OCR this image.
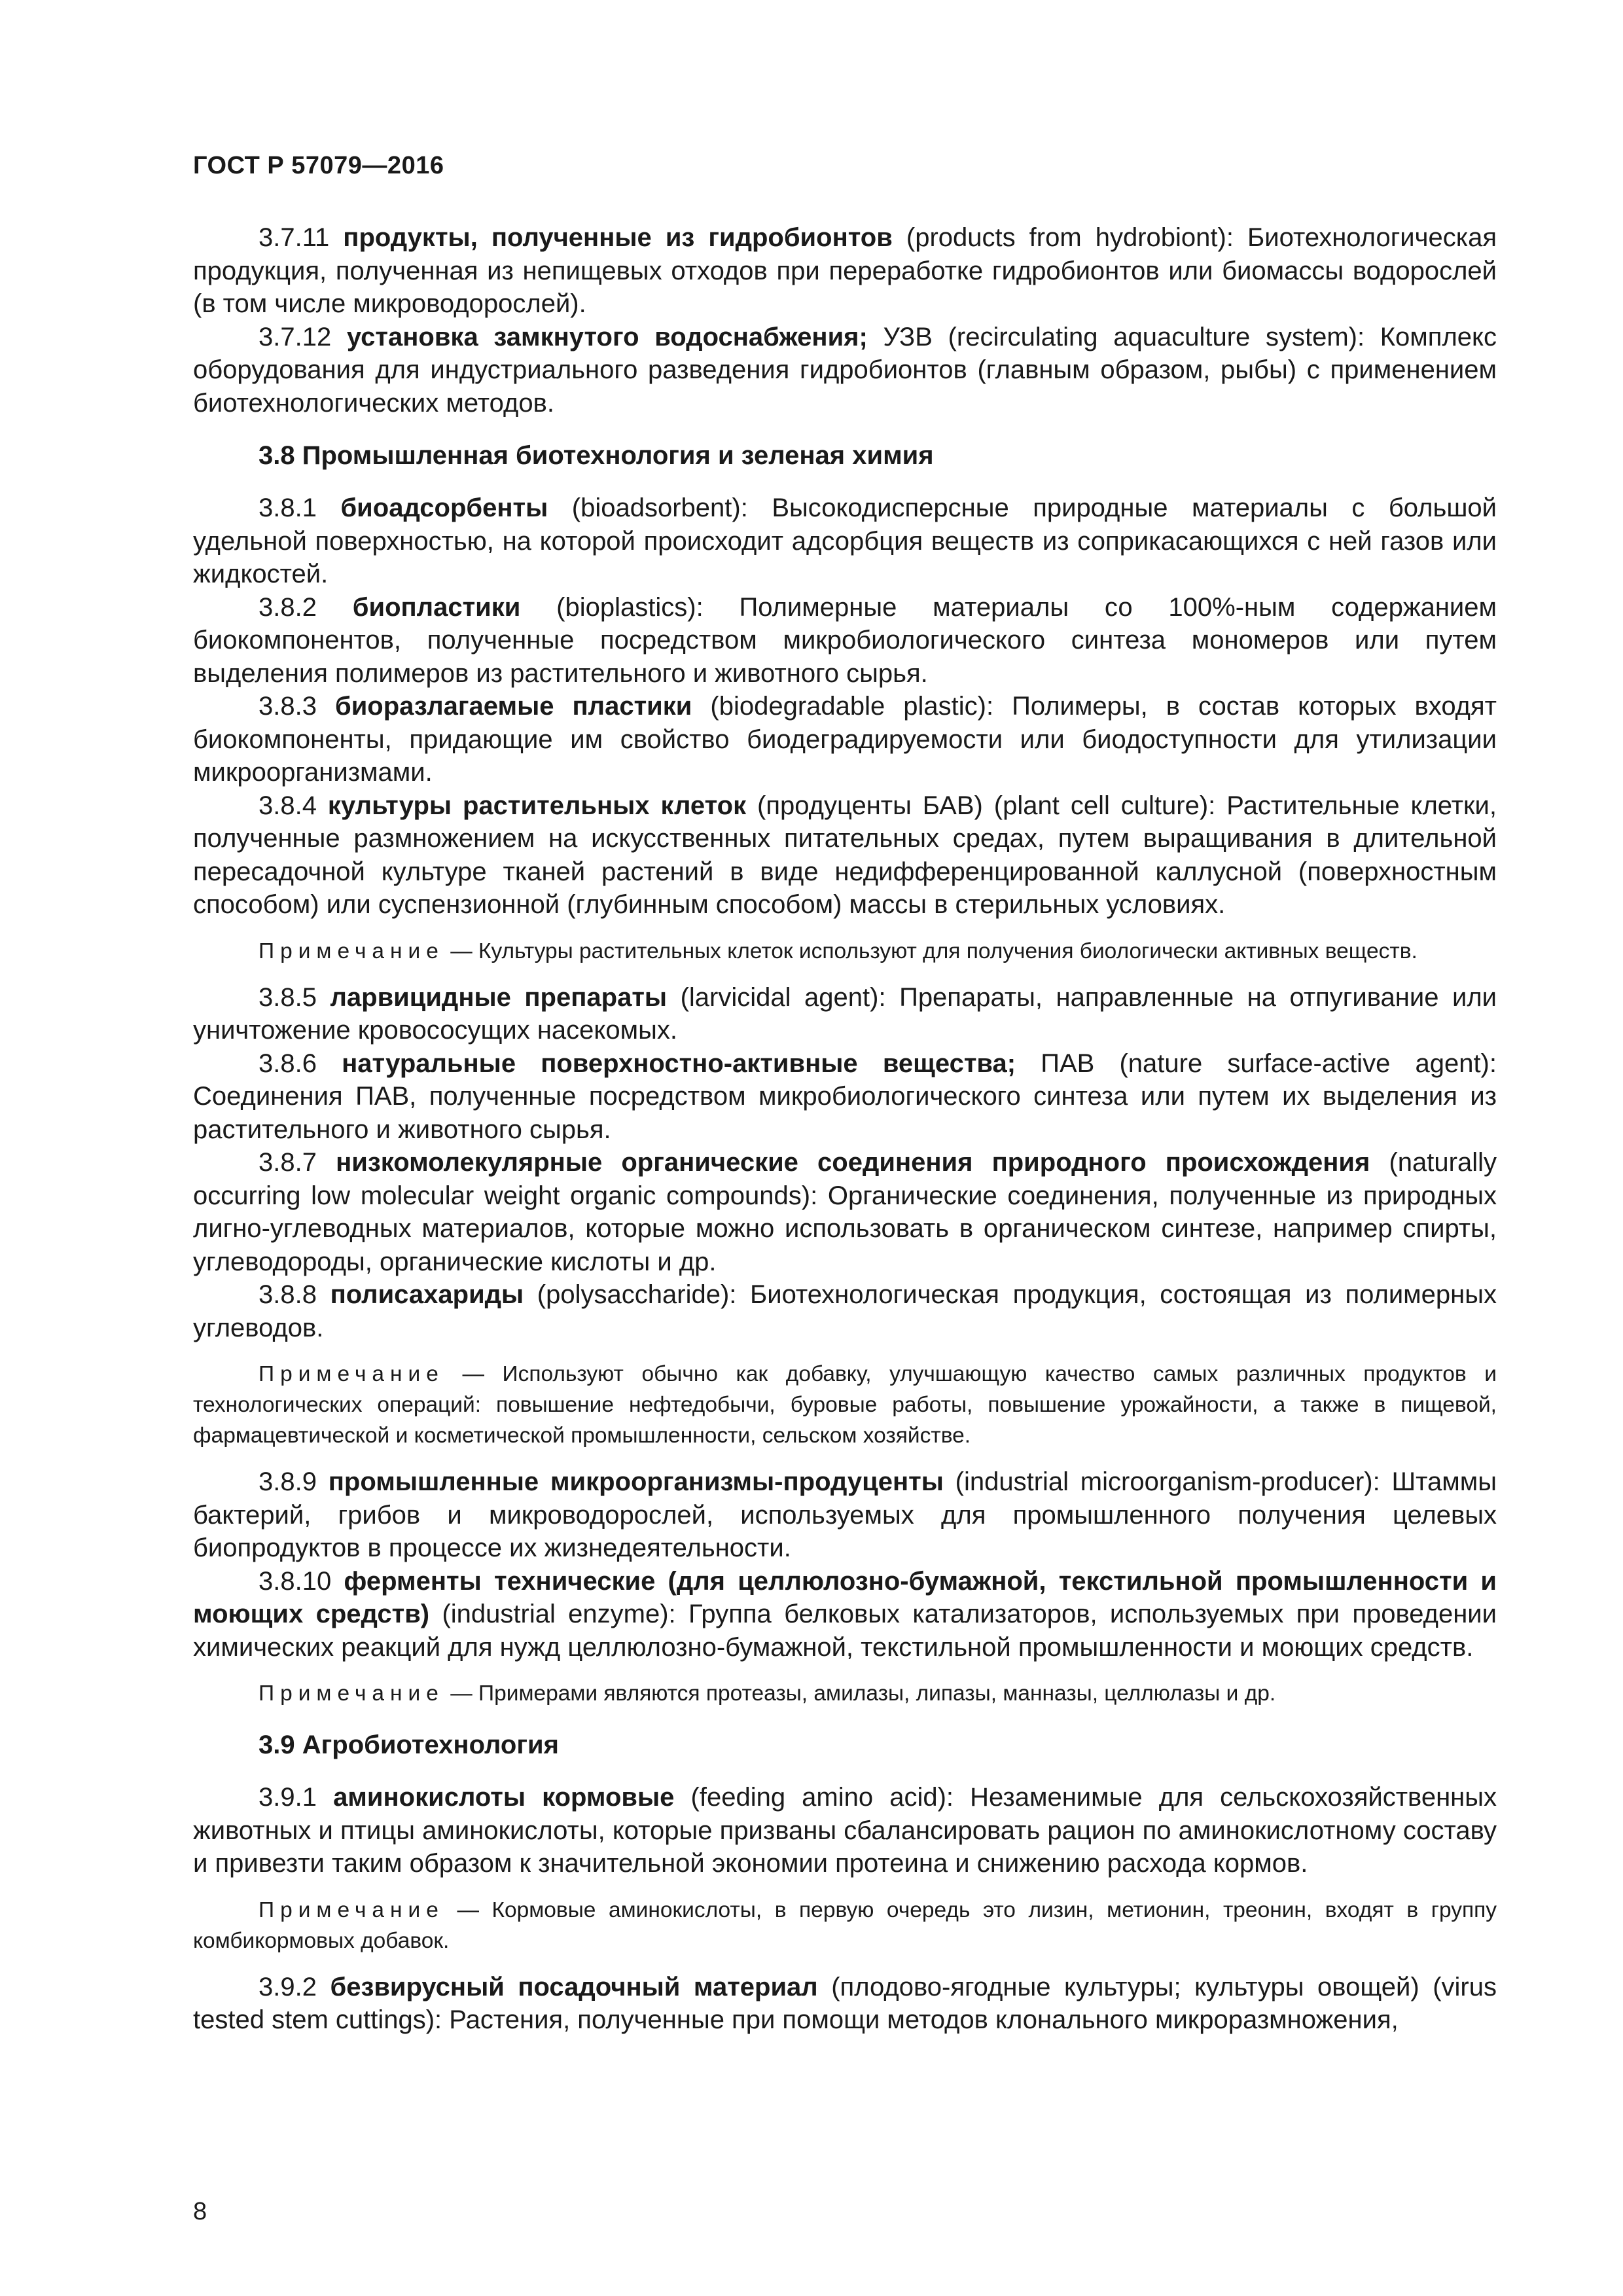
ГОСТ Р 57079—2016

3.7.11 продукты, полученные из гидробионтов (products from hydrobiont): Биотехнологическая продукция, полученная из непищевых отходов при переработке гидробионтов или биомассы водорослей (в том числе микроводорослей).

3.7.12 установка замкнутого водоснабжения; УЗВ (recirculating aquaculture system): Комплекс оборудования для индустриального разведения гидробионтов (главным образом, рыбы) с применением биотехнологических методов.

3.8 Промышленная биотехнология и зеленая химия

3.8.1 биоадсорбенты (bioadsorbent): Высокодисперсные природные материалы с большой удельной поверхностью, на которой происходит адсорбция веществ из соприкасающихся с ней газов или жидкостей.

3.8.2 биопластики (bioplastics): Полимерные материалы со 100%-ным содержанием биокомпонентов, полученные посредством микробиологического синтеза мономеров или путем выделения полимеров из растительного и животного сырья.

3.8.3 биоразлагаемые пластики (biodegradable plastic): Полимеры, в состав которых входят биокомпоненты, придающие им свойство биодеградируемости или биодоступности для утилизации микроорганизмами.

3.8.4 культуры растительных клеток (продуценты БАВ) (plant cell culture): Растительные клетки, полученные размножением на искусственных питательных средах, путем выращивания в длительной пересадочной культуре тканей растений в виде недифференцированной каллусной (поверхностным способом) или суспензионной (глубинным способом) массы в стерильных условиях.

Примечание — Культуры растительных клеток используют для получения биологически активных веществ.

3.8.5 ларвицидные препараты (larvicidal agent): Препараты, направленные на отпугивание или уничтожение кровососущих насекомых.

3.8.6 натуральные поверхностно-активные вещества; ПАВ (nature surface-active agent): Соединения ПАВ, полученные посредством микробиологического синтеза или путем их выделения из растительного и животного сырья.

3.8.7 низкомолекулярные органические соединения природного происхождения (naturally occurring low molecular weight organic compounds): Органические соединения, полученные из природных лигно-углеводных материалов, которые можно использовать в органическом синтезе, например спирты, углеводороды, органические кислоты и др.

3.8.8 полисахариды (polysaccharide): Биотехнологическая продукция, состоящая из полимерных углеводов.

Примечание — Используют обычно как добавку, улучшающую качество самых различных продуктов и технологических операций: повышение нефтедобычи, буровые работы, повышение урожайности, а также в пищевой, фармацевтической и косметической промышленности, сельском хозяйстве.

3.8.9 промышленные микроорганизмы-продуценты (industrial microorganism-producer): Штаммы бактерий, грибов и микроводорослей, используемых для промышленного получения целевых биопродуктов в процессе их жизнедеятельности.

3.8.10 ферменты технические (для целлюлозно-бумажной, текстильной промышленности и моющих средств) (industrial enzyme): Группа белковых катализаторов, используемых при проведении химических реакций для нужд целлюлозно-бумажной, текстильной промышленности и моющих средств.

Примечание — Примерами являются протеазы, амилазы, липазы, манназы, целлюлазы и др.

3.9 Агробиотехнология

3.9.1 аминокислоты кормовые (feeding amino acid): Незаменимые для сельскохозяйственных животных и птицы аминокислоты, которые призваны сбалансировать рацион по аминокислотному составу и привезти таким образом к значительной экономии протеина и снижению расхода кормов.

Примечание — Кормовые аминокислоты, в первую очередь это лизин, метионин, треонин, входят в группу комбикормовых добавок.

3.9.2 безвирусный посадочный материал (плодово-ягодные культуры; культуры овощей) (virus tested stem cuttings): Растения, полученные при помощи методов клонального микроразмножения,

8
